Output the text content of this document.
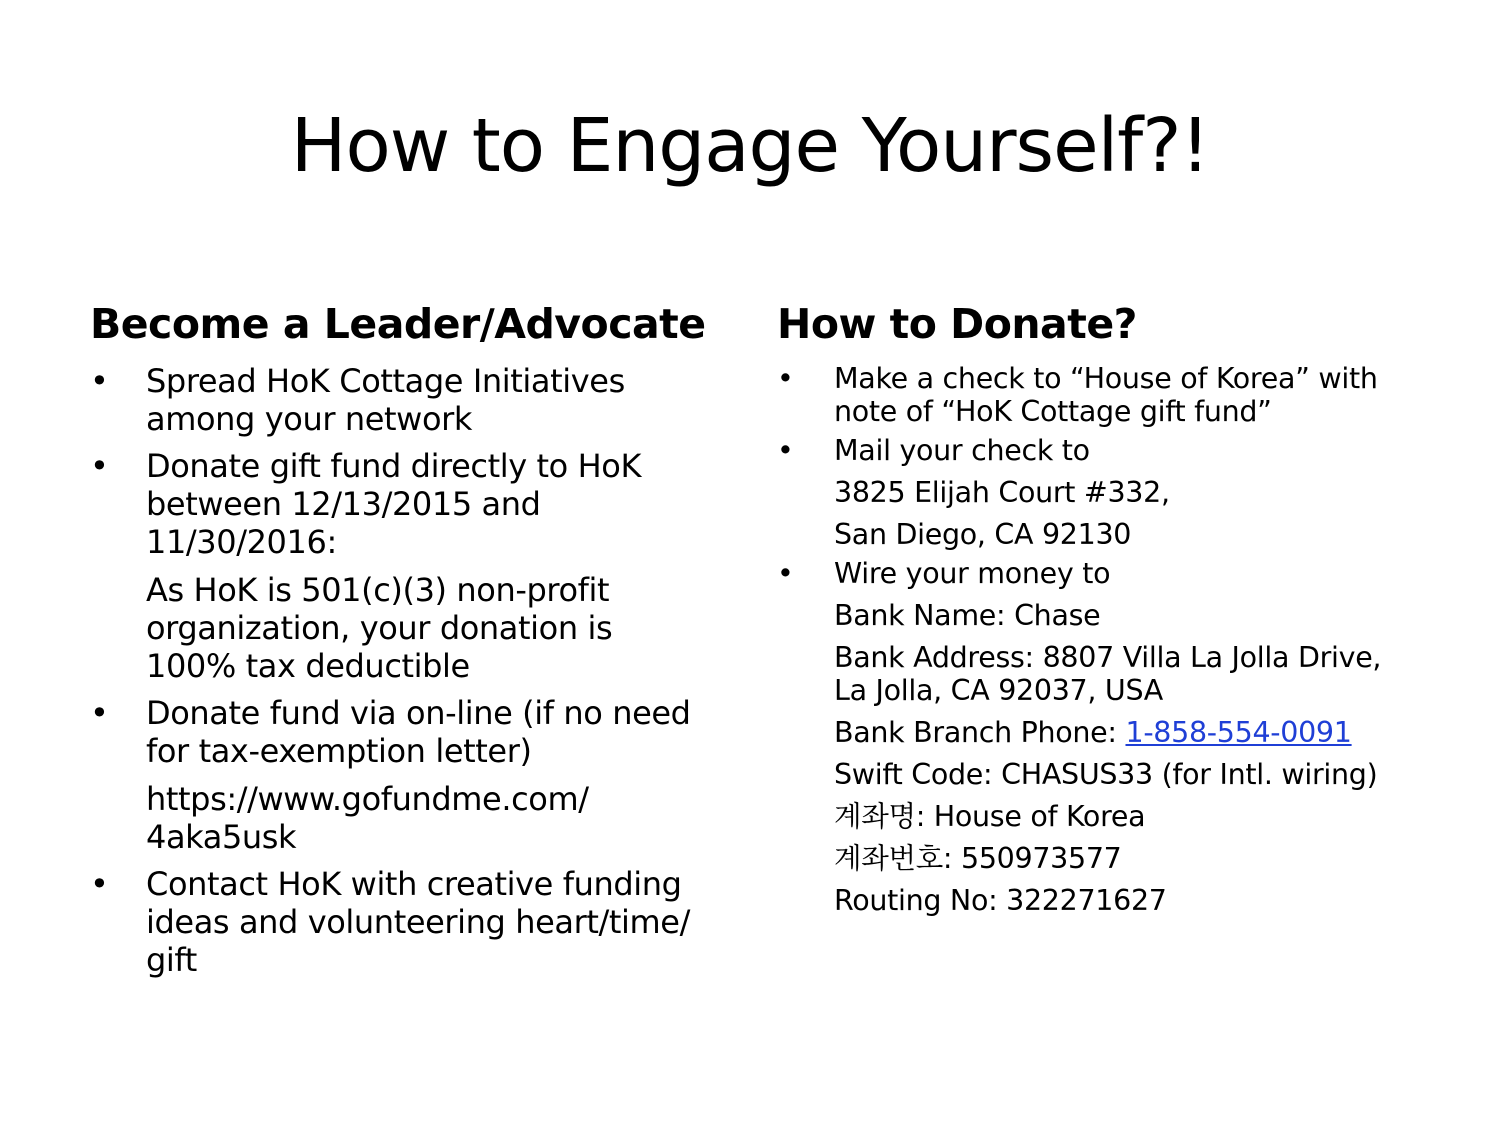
How to Engage Yourself?!
Become a Leader/Advocate
• Spread HoK Cottage Initiatives
among your network
• Donate gift fund directly to HoK
between 12/13/2015 and
11/30/2016:
As HoK is 501(c)(3) non-profit
organization, your donation is
100% tax deductible
• Donate fund via on-line (if no need
for tax-exemption letter)
https://www.gofundme.com/
4aka5usk
• Contact HoK with creative funding
ideas and volunteering heart/time/
gift
How to Donate?
• Make a check to “House of Korea” with
note of “HoK Cottage gift fund”
• Mail your check to
3825 Elijah Court #332,
San Diego, CA 92130
• Wire your money to
Bank Name: Chase
Bank Address: 8807 Villa La Jolla Drive,
La Jolla, CA 92037, USA
Bank Branch Phone: 1-858-554-0091
Swift Code: CHASUS33 (for Intl. wiring)
계좌명: House of Korea
계좌번호: 550973577
Routing No: 322271627
